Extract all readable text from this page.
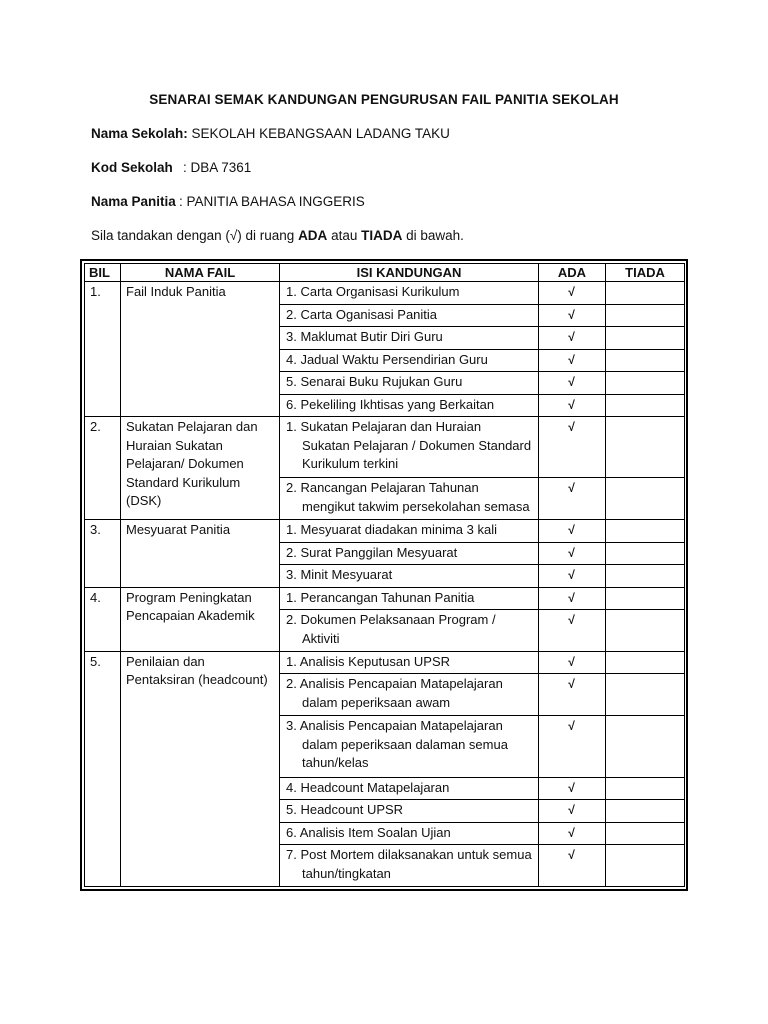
SENARAI SEMAK KANDUNGAN PENGURUSAN FAIL PANITIA SEKOLAH
Nama Sekolah: SEKOLAH KEBANGSAAN LADANG TAKU
Kod Sekolah : DBA 7361
Nama Panitia : PANITIA BAHASA INGGERIS
Sila tandakan dengan (√) di ruang ADA atau TIADA di bawah.
BIL	NAMA FAIL	ISI KANDUNGAN	ADA	TIADA
1.	Fail Induk Panitia	1. Carta Organisasi Kurikulum	√	
		2. Carta Oganisasi Panitia	√	
		3. Maklumat Butir Diri Guru	√	
		4. Jadual Waktu Persendirian Guru	√	
		5. Senarai Buku Rujukan Guru	√	
		6. Pekeliling Ikhtisas yang Berkaitan	√	
2.	Sukatan Pelajaran dan Huraian Sukatan Pelajaran/ Dokumen Standard Kurikulum (DSK)	1. Sukatan Pelajaran dan Huraian Sukatan Pelajaran / Dokumen Standard Kurikulum terkini	√	
		2. Rancangan Pelajaran Tahunan mengikut takwim persekolahan semasa	√	
3.	Mesyuarat Panitia	1. Mesyuarat diadakan minima 3 kali	√	
		2. Surat Panggilan Mesyuarat	√	
		3. Minit Mesyuarat	√	
4.	Program Peningkatan Pencapaian Akademik	1. Perancangan Tahunan Panitia	√	
		2. Dokumen Pelaksanaan Program / Aktiviti	√	
5.	Penilaian dan Pentaksiran (headcount)	1. Analisis Keputusan UPSR	√	
		2. Analisis Pencapaian Matapelajaran dalam peperiksaan awam	√	
		3. Analisis Pencapaian Matapelajaran dalam peperiksaan dalaman semua tahun/kelas	√	
		4. Headcount Matapelajaran	√	
		5. Headcount UPSR	√	
		6. Analisis Item Soalan Ujian	√	
		7. Post Mortem dilaksanakan untuk semua tahun/tingkatan	√	
